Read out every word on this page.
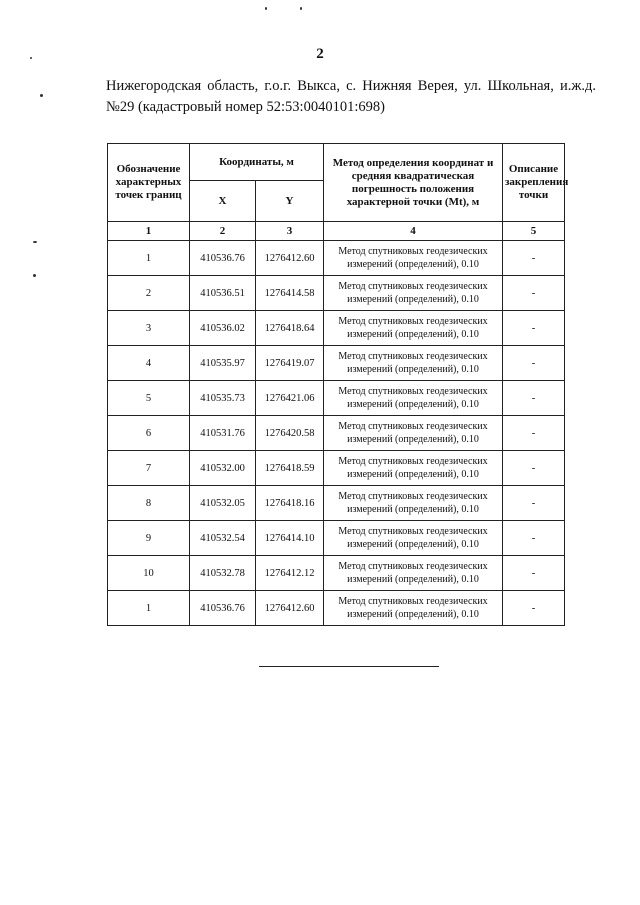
2
Нижегородская область, г.о.г. Выкса, с. Нижняя Верея, ул. Школьная, и.ж.д. №29 (кадастровый номер 52:53:0040101:698)
Обозначение характерных точек границ	Координаты, м		Метод определения координат и средняя квадратическая погрешность положения характерной точки (Mt), м	Описание закрепления точки
	X	Y		
1	2	3	4	5
1	410536.76	1276412.60	Метод спутниковых геодезических измерений (определений), 0.10	-
2	410536.51	1276414.58	Метод спутниковых геодезических измерений (определений), 0.10	-
3	410536.02	1276418.64	Метод спутниковых геодезических измерений (определений), 0.10	-
4	410535.97	1276419.07	Метод спутниковых геодезических измерений (определений), 0.10	-
5	410535.73	1276421.06	Метод спутниковых геодезических измерений (определений), 0.10	-
6	410531.76	1276420.58	Метод спутниковых геодезических измерений (определений), 0.10	-
7	410532.00	1276418.59	Метод спутниковых геодезических измерений (определений), 0.10	-
8	410532.05	1276418.16	Метод спутниковых геодезических измерений (определений), 0.10	-
9	410532.54	1276414.10	Метод спутниковых геодезических измерений (определений), 0.10	-
10	410532.78	1276412.12	Метод спутниковых геодезических измерений (определений), 0.10	-
1	410536.76	1276412.60	Метод спутниковых геодезических измерений (определений), 0.10	-
